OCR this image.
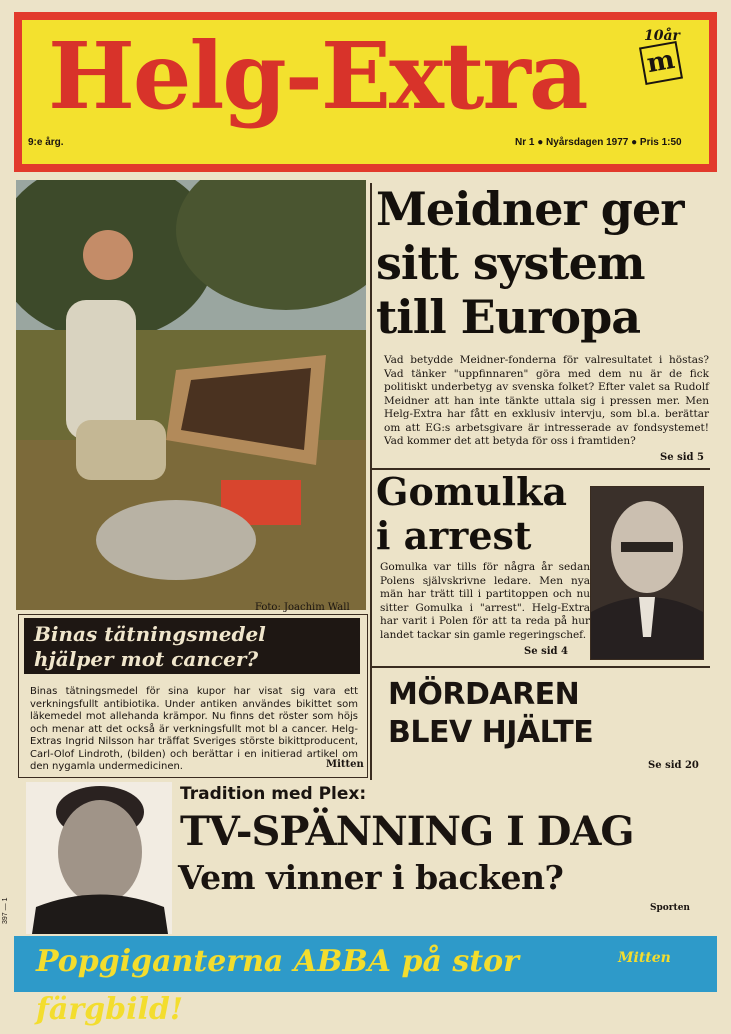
Helg-Extra	10år
m
9:e årg.	Nr 1 ● Nyårsdagen 1977 ● Pris 1:50
Foto: Joachim Wall
Meidner ger
sitt system
till Europa
Vad betydde Meidner-fonderna för valresultatet i höstas? Vad tänker "uppfinnaren" göra med dem nu är de fick politiskt underbetyg av svenska folket? Efter valet sa Rudolf Meidner att han inte tänkte uttala sig i pressen mer. Men Helg-Extra har fått en exklusiv intervju, som bl.a. berättar om att EG:s arbetsgivare är intresserade av fondsystemet! Vad kommer det att betyda för oss i framtiden?
Se sid 5
Gomulka
i arrest
Gomulka var tills för några år sedan Polens självskrivne ledare. Men nya män har trätt till i partitoppen och nu sitter Gomulka i "arrest". Helg-Extra har varit i Polen för att ta reda på hur landet tackar sin gamle regeringschef.
Se sid 4
MÖRDAREN
BLEV HJÄLTE
Se sid 20
Binas tätningsmedel
hjälper mot cancer?
Binas tätningsmedel för sina kupor har visat sig vara ett verkningsfullt antibiotika. Under antiken användes bikittet som läkemedel mot allehanda krämpor. Nu finns det röster som höjs och menar att det också är verkningsfullt mot bl a cancer. Helg-Extras Ingrid Nilsson har träffat Sveriges störste bikittproducent, Carl-Olof Lindroth, (bilden) och berättar i en initierad artikel om den nygamla undermedicinen.	Mitten
Tradition med Plex:
TV-SPÄNNING I DAG
Vem vinner i backen?
Sporten
Popgiganterna ABBA på stor färgbild!
Mitten
397 — 1
